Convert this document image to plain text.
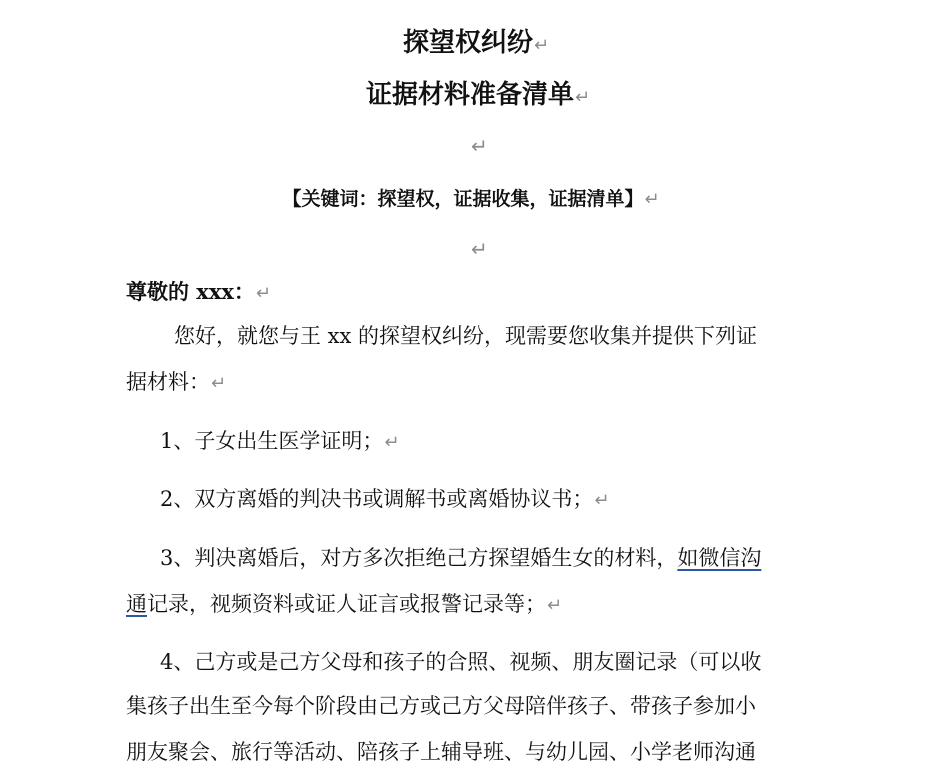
探望权纠纷↵
证据材料准备清单↵
↵
【关键词：探望权，证据收集，证据清单】↵
↵
尊敬的 xxx：↵
您好，就您与王 xx 的探望权纠纷，现需要您收集并提供下列证
据材料：↵
1、子女出生医学证明；↵
2、双方离婚的判决书或调解书或离婚协议书；↵
3、判决离婚后，对方多次拒绝己方探望婚生女的材料，如微信沟
通记录，视频资料或证人证言或报警记录等；↵
4、己方或是己方父母和孩子的合照、视频、朋友圈记录（可以收
集孩子出生至今每个阶段由己方或己方父母陪伴孩子、带孩子参加小
朋友聚会、旅行等活动、陪孩子上辅导班、与幼儿园、小学老师沟通
